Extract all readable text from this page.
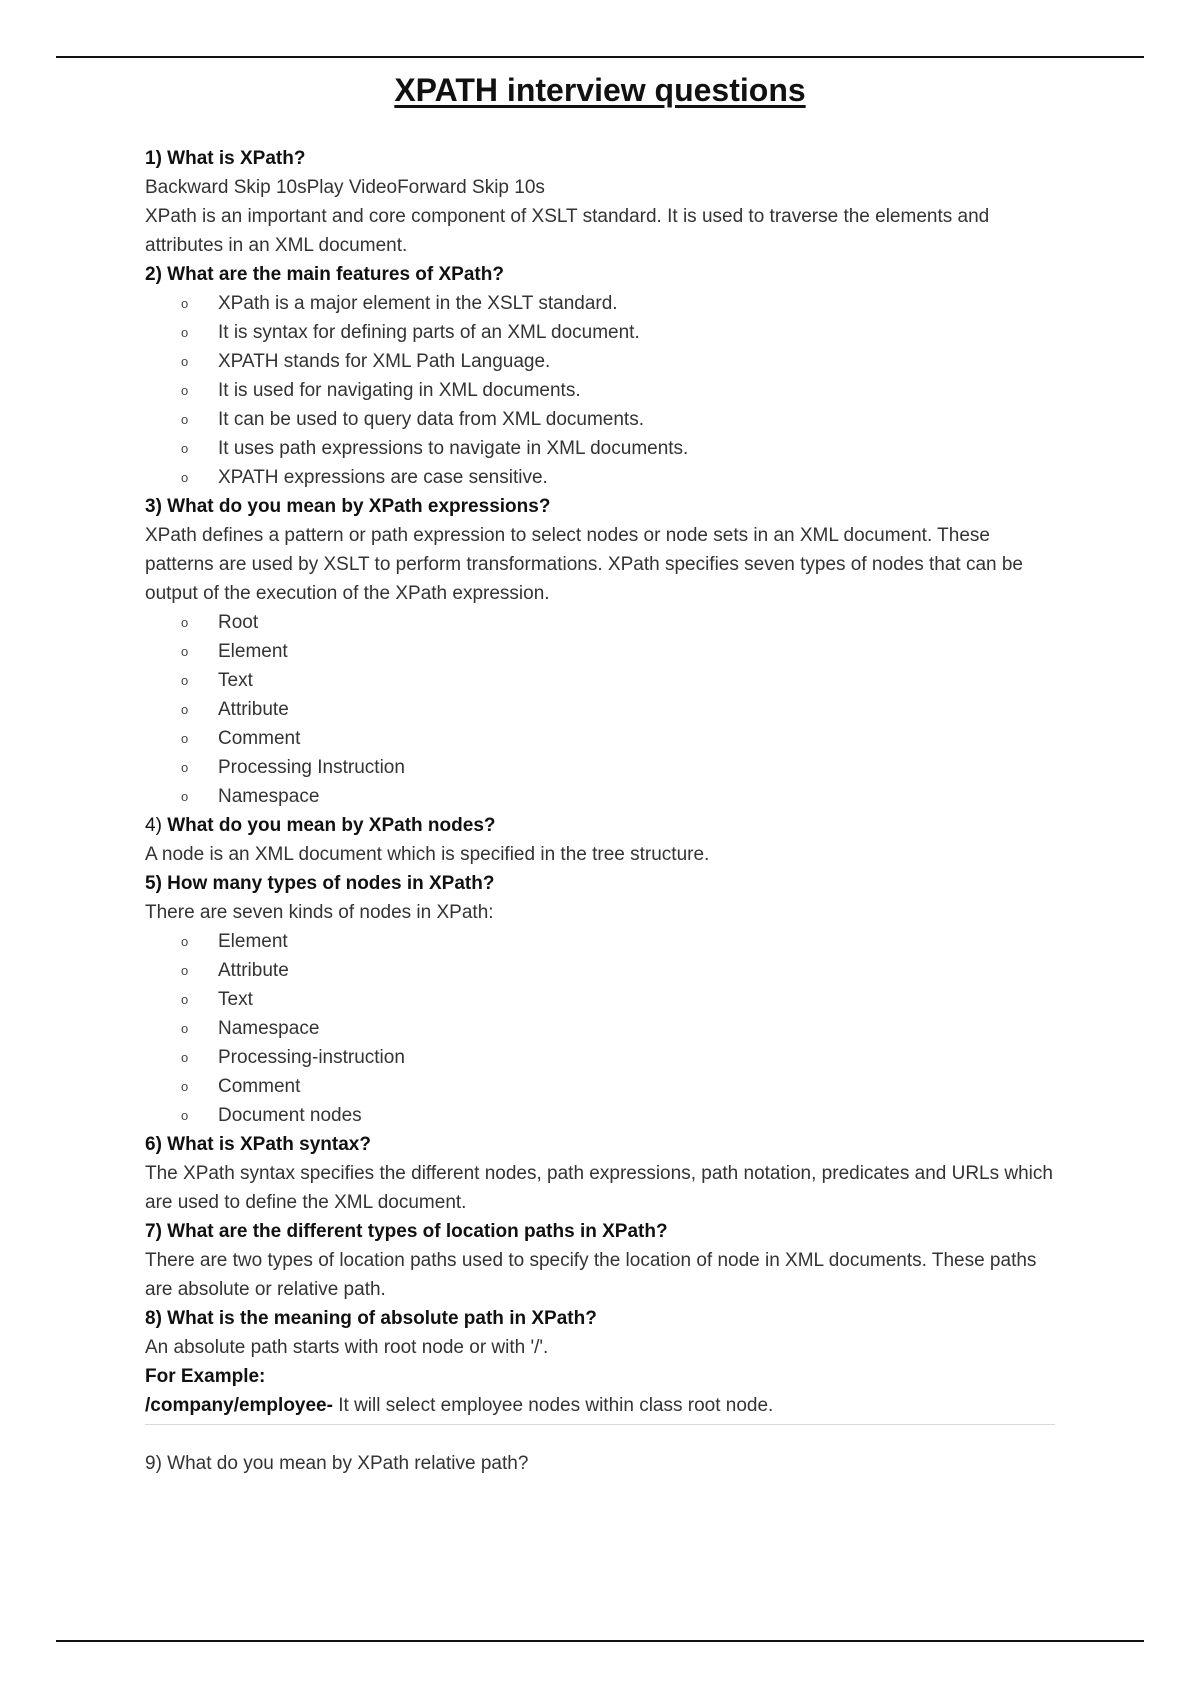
XPATH interview questions

1) What is XPath?

Backward Skip 10sPlay VideoForward Skip 10s

XPath is an important and core component of XSLT standard. It is used to traverse the elements and attributes in an XML document.

2) What are the main features of XPath?

o XPath is a major element in the XSLT standard.
o It is syntax for defining parts of an XML document.
o XPATH stands for XML Path Language.
o It is used for navigating in XML documents.
o It can be used to query data from XML documents.
o It uses path expressions to navigate in XML documents.
o XPATH expressions are case sensitive.

3) What do you mean by XPath expressions?

XPath defines a pattern or path expression to select nodes or node sets in an XML document. These patterns are used by XSLT to perform transformations. XPath specifies seven types of nodes that can be output of the execution of the XPath expression.

o Root
o Element
o Text
o Attribute
o Comment
o Processing Instruction
o Namespace

4) What do you mean by XPath nodes?

A node is an XML document which is specified in the tree structure.

5) How many types of nodes in XPath?

There are seven kinds of nodes in XPath:

o Element
o Attribute
o Text
o Namespace
o Processing-instruction
o Comment
o Document nodes

6) What is XPath syntax?

The XPath syntax specifies the different nodes, path expressions, path notation, predicates and URLs which are used to define the XML document.

7) What are the different types of location paths in XPath?

There are two types of location paths used to specify the location of node in XML documents. These paths are absolute or relative path.

8) What is the meaning of absolute path in XPath?

An absolute path starts with root node or with '/'.

For Example:

/company/employee- It will select employee nodes within class root node.

9) What do you mean by XPath relative path?
